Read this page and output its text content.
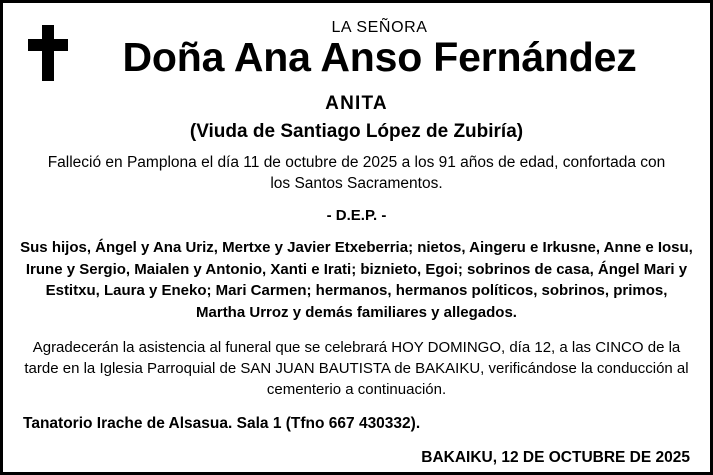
LA SEÑORA
Doña Ana Anso Fernández
ANITA
(Viuda de Santiago López de Zubiría)
Falleció en Pamplona el día 11 de octubre de 2025 a los 91 años de edad, confortada con los Santos Sacramentos.
- D.E.P. -
Sus hijos, Ángel y Ana Uriz, Mertxe y Javier Etxeberria; nietos, Aingeru e Irkusne, Anne e Iosu, Irune y Sergio, Maialen y Antonio, Xanti e Irati; biznieto, Egoi; sobrinos de casa, Ángel Mari y Estitxu, Laura y Eneko; Mari Carmen; hermanos, hermanos políticos, sobrinos, primos, Martha Urroz y demás familiares y allegados.
Agradecerán la asistencia al funeral que se celebrará HOY DOMINGO, día 12, a las CINCO de la tarde en la Iglesia Parroquial de SAN JUAN BAUTISTA de BAKAIKU, verificándose la conducción al cementerio a continuación.
Tanatorio Irache de Alsasua. Sala 1 (Tfno 667 430332).
BAKAIKU, 12 DE OCTUBRE DE 2025
